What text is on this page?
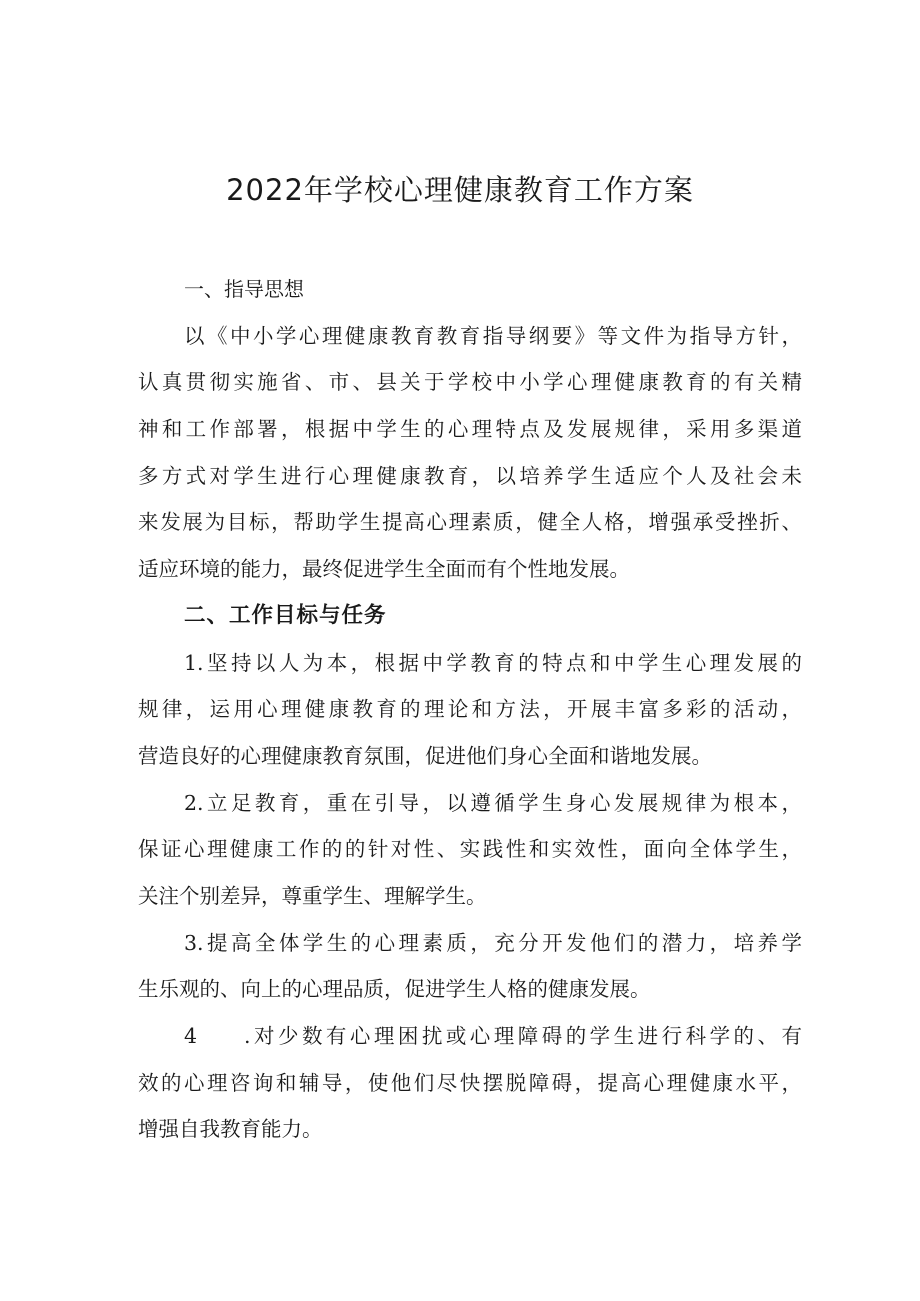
2022年学校心理健康教育工作方案
一、指导思想
以《中小学心理健康教育教育指导纲要》等文件为指导方针，
认真贯彻实施省、市、县关于学校中小学心理健康教育的有关精
神和工作部署，根据中学生的心理特点及发展规律，采用多渠道
多方式对学生进行心理健康教育，以培养学生适应个人及社会未
来发展为目标，帮助学生提高心理素质，健全人格，增强承受挫折、
适应环境的能力，最终促进学生全面而有个性地发展。
二、工作目标与任务
1.坚持以人为本，根据中学教育的特点和中学生心理发展的
规律，运用心理健康教育的理论和方法，开展丰富多彩的活动，
营造良好的心理健康教育氛围，促进他们身心全面和谐地发展。
2.立足教育，重在引导，以遵循学生身心发展规律为根本，
保证心理健康工作的的针对性、实践性和实效性，面向全体学生，
关注个别差异，尊重学生、理解学生。
3.提高全体学生的心理素质，充分开发他们的潜力，培养学
生乐观的、向上的心理品质，促进学生人格的健康发展。
4 .对少数有心理困扰或心理障碍的学生进行科学的、有
效的心理咨询和辅导，使他们尽快摆脱障碍，提高心理健康水平，
增强自我教育能力。
